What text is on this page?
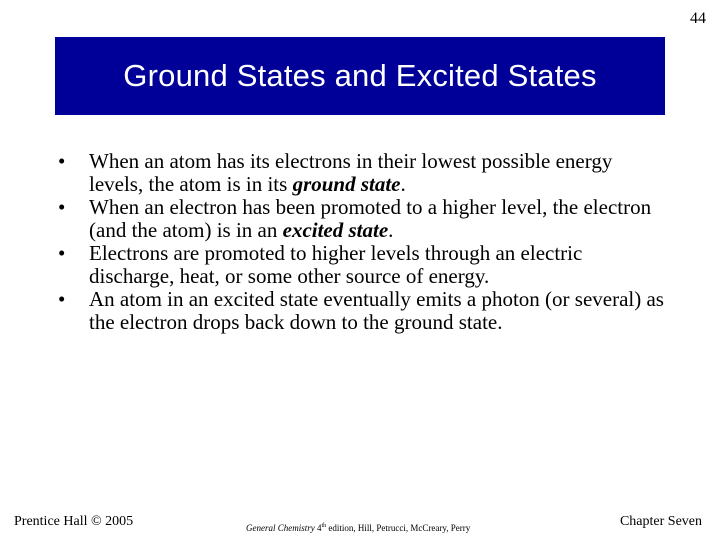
44
Ground States and Excited States
•
When an atom has its electrons in their lowest possible energy levels, the atom is in its ground state.
•
When an electron has been promoted to a higher level, the electron (and the atom) is in an excited state.
•
Electrons are promoted to higher levels through an electric discharge, heat, or some other source of energy.
•
An atom in an excited state eventually emits a photon (or several) as the electron drops back down to the ground state.
Prentice Hall © 2005	General Chemistry 4th edition, Hill, Petrucci, McCreary, Perry	Chapter Seven
